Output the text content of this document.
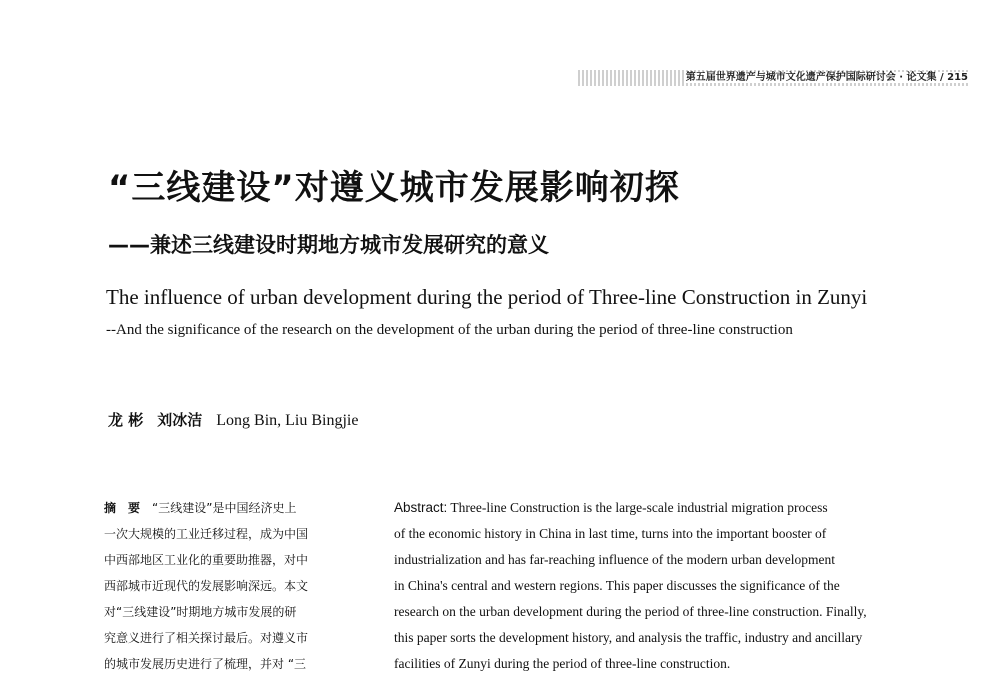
第五届世界遗产与城市文化遗产保护国际研讨会 · 论文集 / 215
“三线建设”对遵义城市发展影响初探
——兼述三线建设时期地方城市发展研究的意义
The influence of urban development during the period of Three-line Construction in Zunyi
--And the significance of the research on the development of the urban during the period of three-line construction
龙 彬 刘冰洁 Long Bin, Liu Bingjie
摘　要 “三线建设”是中国经济史上
一次大规模的工业迁移过程，成为中国
中西部地区工业化的重要助推器，对中
西部城市近现代的发展影响深远。本文
对“三线建设”时期地方城市发展的研
究意义进行了相关探讨最后。对遵义市
的城市发展历史进行了梳理，并对 “三
Abstract: Three-line Construction is the large-scale industrial migration process
of the economic history in China in last time, turns into the important booster of
industrialization and has far-reaching influence of the modern urban development
in China's central and western regions. This paper discusses the significance of the
research on the urban development during the period of three-line construction. Finally,
this paper sorts the development history, and analysis the traffic, industry and ancillary
facilities of Zunyi during the period of three-line construction.
